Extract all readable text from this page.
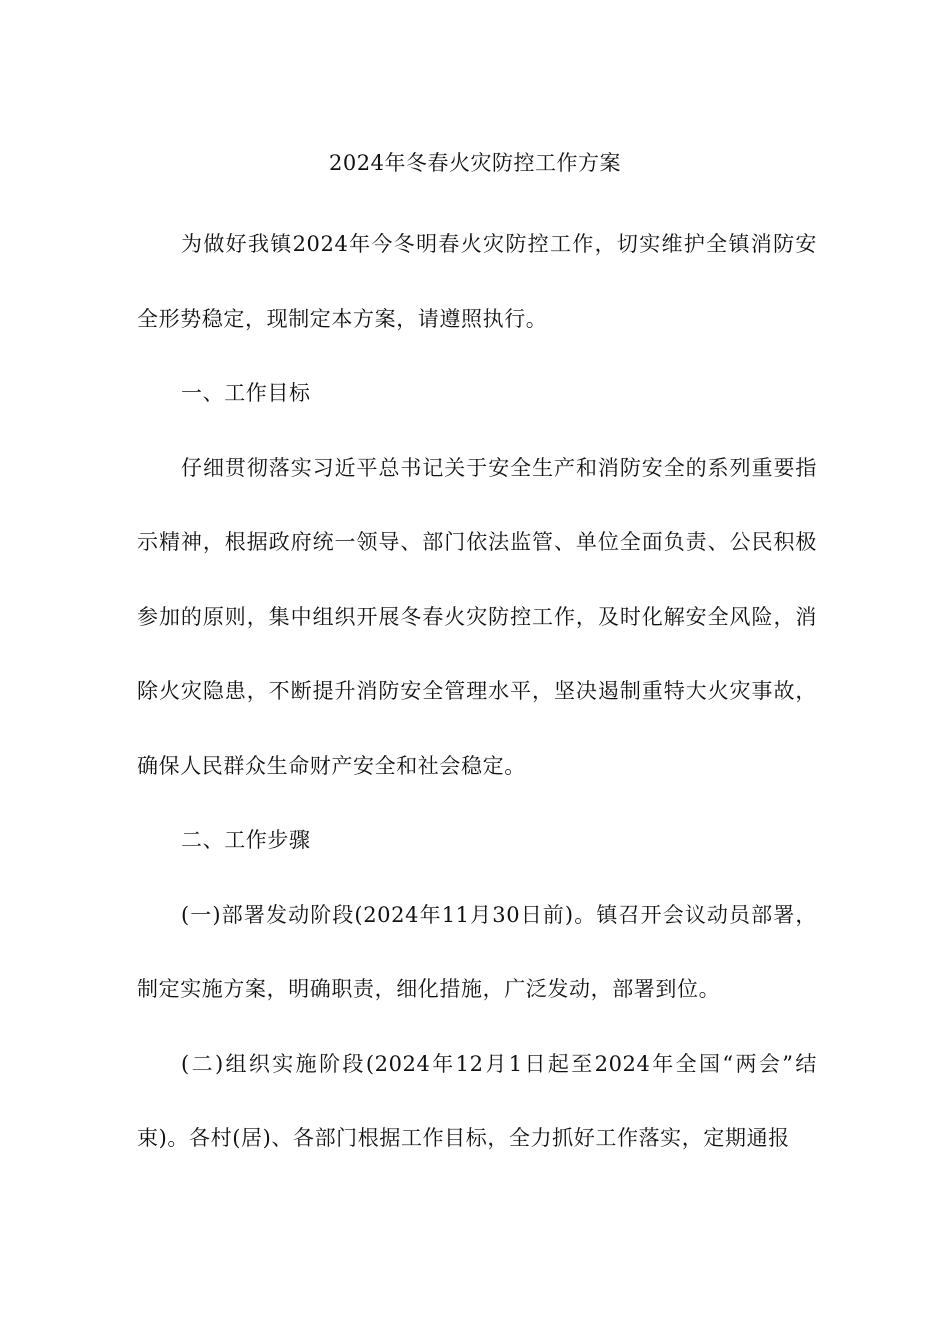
2024年冬春火灾防控工作方案

为做好我镇2024年今冬明春火灾防控工作，切实维护全镇消防安全形势稳定，现制定本方案，请遵照执行。

一、工作目标

仔细贯彻落实习近平总书记关于安全生产和消防安全的系列重要指示精神，根据政府统一领导、部门依法监管、单位全面负责、公民积极参加的原则，集中组织开展冬春火灾防控工作，及时化解安全风险，消除火灾隐患，不断提升消防安全管理水平，坚决遏制重特大火灾事故，确保人民群众生命财产安全和社会稳定。

二、工作步骤

(一)部署发动阶段(2024年11月30日前)。镇召开会议动员部署，制定实施方案，明确职责，细化措施，广泛发动，部署到位。

(二)组织实施阶段(2024年12月1日起至2024年全国“两会”结束)。各村(居)、各部门根据工作目标，全力抓好工作落实，定期通报
